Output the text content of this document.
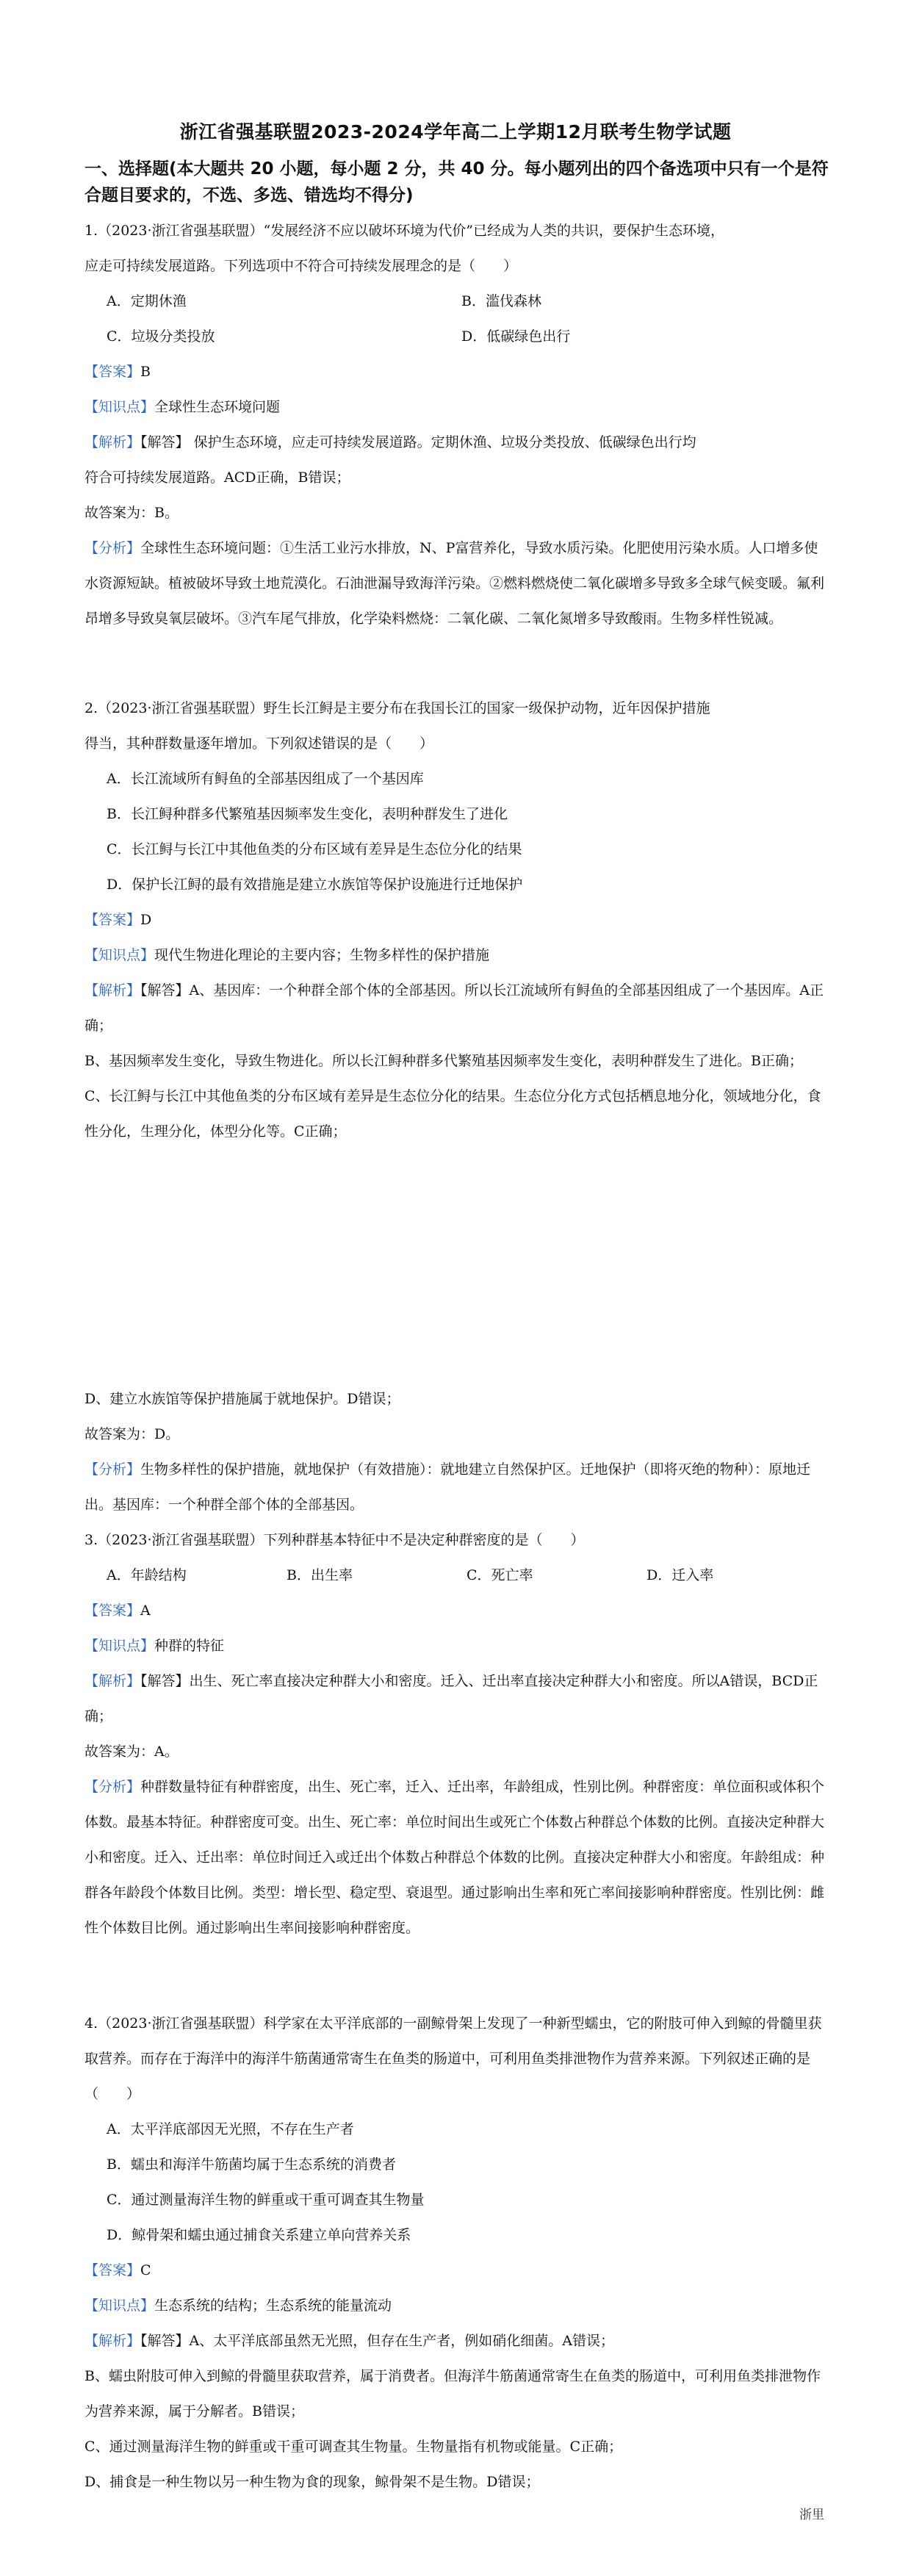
浙江省强基联盟2023-2024学年高二上学期12月联考生物学试题
一、选择题(本大题共 20 小题，每小题 2 分，共 40 分。每小题列出的四个备选项中只有一个是符合题目要求的，不选、多选、错选均不得分)
1.（2023·浙江省强基联盟）“发展经济不应以破坏环境为代价”已经成为人类的共识，要保护生态环境，
应走可持续发展道路。下列选项中不符合可持续发展理念的是（　　）
A．定期休渔	B．滥伐森林
C．垃圾分类投放	D．低碳绿色出行
【答案】B
【知识点】全球性生态环境问题
【解析】【解答】 保护生态环境，应走可持续发展道路。定期休渔、垃圾分类投放、低碳绿色出行均
符合可持续发展道路。ACD正确，B错误；
故答案为：B。
【分析】全球性生态环境问题：①生活工业污水排放，N、P富营养化，导致水质污染。化肥使用污染水质。人口增多使水资源短缺。植被破坏导致土地荒漠化。石油泄漏导致海洋污染。②燃料燃烧使二氧化碳增多导致多全球气候变暖。氟利昂增多导致臭氧层破坏。③汽车尾气排放，化学染料燃烧：二氧化碳、二氧化氮增多导致酸雨。生物多样性锐减。
2.（2023·浙江省强基联盟）野生长江鲟是主要分布在我国长江的国家一级保护动物，近年因保护措施
得当，其种群数量逐年增加。下列叙述错误的是（　　）
A．长江流域所有鲟鱼的全部基因组成了一个基因库
B．长江鲟种群多代繁殖基因频率发生变化，表明种群发生了进化
C．长江鲟与长江中其他鱼类的分布区域有差异是生态位分化的结果
D．保护长江鲟的最有效措施是建立水族馆等保护设施进行迁地保护
【答案】D
【知识点】现代生物进化理论的主要内容；生物多样性的保护措施
【解析】【解答】A、基因库：一个种群全部个体的全部基因。所以长江流域所有鲟鱼的全部基因组成了一个基因库。A正确；
B、基因频率发生变化，导致生物进化。所以长江鲟种群多代繁殖基因频率发生变化，表明种群发生了进化。B正确；
C、长江鲟与长江中其他鱼类的分布区域有差异是生态位分化的结果。生态位分化方式包括栖息地分化，领域地分化，食性分化，生理分化，体型分化等。C正确；
D、建立水族馆等保护措施属于就地保护。D错误；
故答案为：D。
【分析】生物多样性的保护措施，就地保护（有效措施）：就地建立自然保护区。迁地保护（即将灭绝的物种）：原地迁出。基因库：一个种群全部个体的全部基因。
3.（2023·浙江省强基联盟）下列种群基本特征中不是决定种群密度的是（　　）
A．年龄结构	B．出生率	C．死亡率	D．迁入率
【答案】A
【知识点】种群的特征
【解析】【解答】出生、死亡率直接决定种群大小和密度。迁入、迁出率直接决定种群大小和密度。所以A错误，BCD正确；
故答案为：A。
【分析】种群数量特征有种群密度，出生、死亡率，迁入、迁出率，年龄组成，性别比例。种群密度：单位面积或体积个体数。最基本特征。种群密度可变。出生、死亡率：单位时间出生或死亡个体数占种群总个体数的比例。直接决定种群大小和密度。迁入、迁出率：单位时间迁入或迁出个体数占种群总个体数的比例。直接决定种群大小和密度。年龄组成：种群各年龄段个体数目比例。类型：增长型、稳定型、衰退型。通过影响出生率和死亡率间接影响种群密度。性别比例：雌性个体数目比例。通过影响出生率间接影响种群密度。
4.（2023·浙江省强基联盟）科学家在太平洋底部的一副鲸骨架上发现了一种新型蠕虫，它的附肢可伸入到鲸的骨髓里获取营养。而存在于海洋中的海洋牛筋菌通常寄生在鱼类的肠道中，可利用鱼类排泄物作为营养来源。下列叙述正确的是（　　）
A．太平洋底部因无光照，不存在生产者
B．蠕虫和海洋牛筋菌均属于生态系统的消费者
C．通过测量海洋生物的鲜重或干重可调查其生物量
D．鲸骨架和蠕虫通过捕食关系建立单向营养关系
【答案】C
【知识点】生态系统的结构；生态系统的能量流动
【解析】【解答】A、太平洋底部虽然无光照，但存在生产者，例如硝化细菌。A错误；
B、蠕虫附肢可伸入到鲸的骨髓里获取营养，属于消费者。但海洋牛筋菌通常寄生在鱼类的肠道中，可利用鱼类排泄物作为营养来源，属于分解者。B错误；
C、通过测量海洋生物的鲜重或干重可调查其生物量。生物量指有机物或能量。C正确；
D、捕食是一种生物以另一种生物为食的现象，鲸骨架不是生物。D错误；
浙里
